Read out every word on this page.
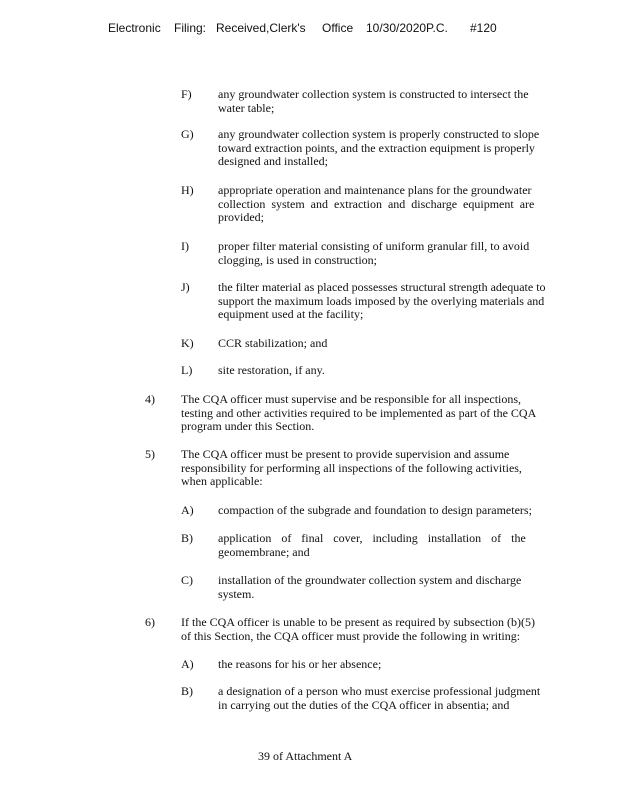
Electronic Filing: Received,Clerk's Office 10/30/2020P.C. #120
F) any groundwater collection system is constructed to intersect the
water table;
G) any groundwater collection system is properly constructed to slope
toward extraction points, and the extraction equipment is properly
designed and installed;
H) appropriate operation and maintenance plans for the groundwater
collection system and extraction and discharge equipment are
provided;
I) proper filter material consisting of uniform granular fill, to avoid
clogging, is used in construction;
J) the filter material as placed possesses structural strength adequate to
support the maximum loads imposed by the overlying materials and
equipment used at the facility;
K) CCR stabilization; and
L) site restoration, if any.
4) The CQA officer must supervise and be responsible for all inspections,
testing and other activities required to be implemented as part of the CQA
program under this Section.
5) The CQA officer must be present to provide supervision and assume
responsibility for performing all inspections of the following activities,
when applicable:
A) compaction of the subgrade and foundation to design parameters;
B) application of final cover, including installation of the
geomembrane; and
C) installation of the groundwater collection system and discharge
system.
6) If the CQA officer is unable to be present as required by subsection (b)(5)
of this Section, the CQA officer must provide the following in writing:
A) the reasons for his or her absence;
B) a designation of a person who must exercise professional judgment
in carrying out the duties of the CQA officer in absentia; and
39 of Attachment A
